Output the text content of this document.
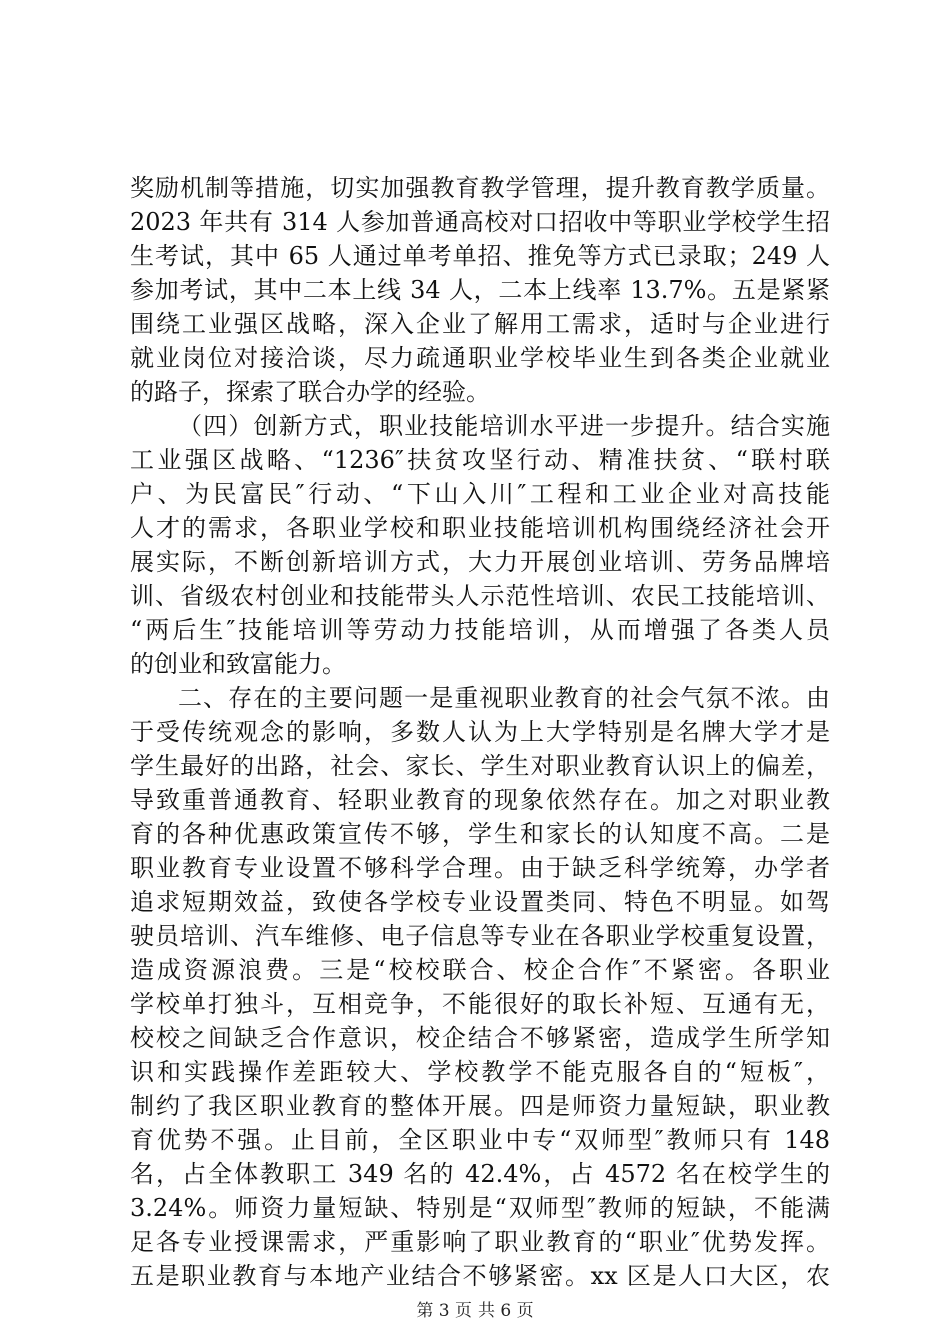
奖励机制等措施，切实加强教育教学管理，提升教育教学质量。
2023 年共有 314 人参加普通高校对口招收中等职业学校学生招
生考试，其中 65 人通过单考单招、推免等方式已录取；249 人
参加考试，其中二本上线 34 人，二本上线率 13.7%。五是紧紧
围绕工业强区战略，深入企业了解用工需求，适时与企业进行
就业岗位对接洽谈，尽力疏通职业学校毕业生到各类企业就业
的路子，探索了联合办学的经验。
（四）创新方式，职业技能培训水平进一步提升。结合实施
工业强区战略、“1236″扶贫攻坚行动、精准扶贫、“联村联
户、为民富民″行动、“下山入川″工程和工业企业对高技能
人才的需求，各职业学校和职业技能培训机构围绕经济社会开
展实际，不断创新培训方式，大力开展创业培训、劳务品牌培
训、省级农村创业和技能带头人示范性培训、农民工技能培训、
“两后生″技能培训等劳动力技能培训，从而增强了各类人员
的创业和致富能力。
二、存在的主要问题一是重视职业教育的社会气氛不浓。由
于受传统观念的影响，多数人认为上大学特别是名牌大学才是
学生最好的出路，社会、家长、学生对职业教育认识上的偏差，
导致重普通教育、轻职业教育的现象依然存在。加之对职业教
育的各种优惠政策宣传不够，学生和家长的认知度不高。二是
职业教育专业设置不够科学合理。由于缺乏科学统筹，办学者
追求短期效益，致使各学校专业设置类同、特色不明显。如驾
驶员培训、汽车维修、电子信息等专业在各职业学校重复设置，
造成资源浪费。三是“校校联合、校企合作″不紧密。各职业
学校单打独斗，互相竞争，不能很好的取长补短、互通有无，
校校之间缺乏合作意识，校企结合不够紧密，造成学生所学知
识和实践操作差距较大、学校教学不能克服各自的“短板″，
制约了我区职业教育的整体开展。四是师资力量短缺，职业教
育优势不强。止目前，全区职业中专“双师型″教师只有 148
名，占全体教职工 349 名的 42.4%，占 4572 名在校学生的
3.24%。师资力量短缺、特别是“双师型″教师的短缺，不能满
足各专业授课需求，严重影响了职业教育的“职业″优势发挥。
五是职业教育与本地产业结合不够紧密。xx 区是人口大区，农
第 3 页 共 6 页
